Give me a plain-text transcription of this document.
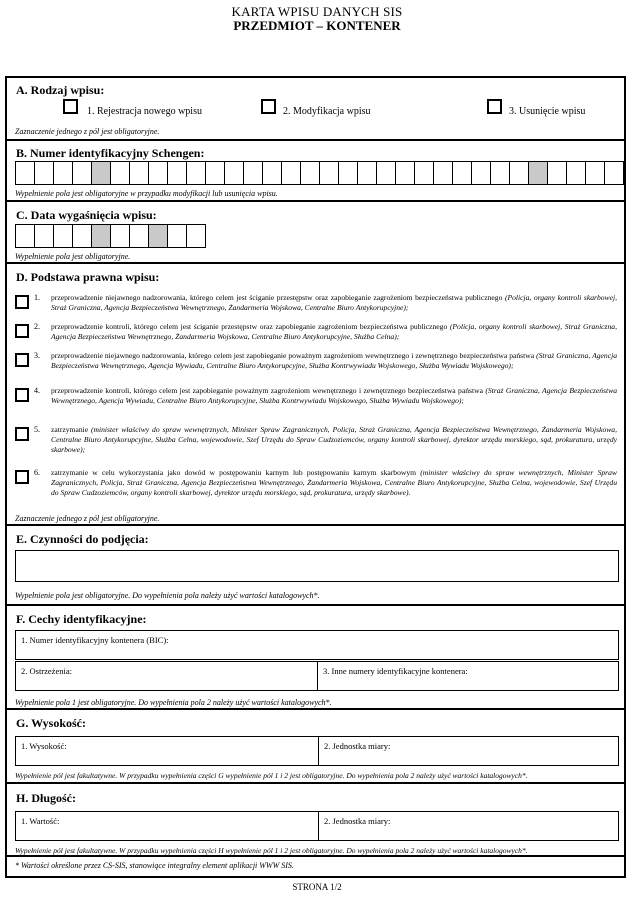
KARTA WPISU DANYCH SIS
PRZEDMIOT – KONTENER
A. Rodzaj wpisu:
1. Rejestracja nowego wpisu	2. Modyfikacja wpisu	3. Usunięcie wpisu
Zaznaczenie jednego z pól jest obligatoryjne.
B. Numer identyfikacyjny Schengen:
Wypełnienie pola jest obligatoryjne w przypadku modyfikacji lub usunięcia wpisu.
C. Data wygaśnięcia wpisu:
Wypełnienie pola jest obligatoryjne.
D. Podstawa prawna wpisu:
1. przeprowadzenie niejawnego nadzorowania, którego celem jest ściganie przestępstw oraz zapobieganie zagrożeniom bezpieczeństwa publicznego (Policja, organy kontroli skarbowej, Straż Graniczna, Agencja Bezpieczeństwa Wewnętrznego, Żandarmeria Wojskowa, Centralne Biuro Antykorupcyjne);
2. przeprowadzenie kontroli, którego celem jest ściganie przestępstw oraz zapobieganie zagrożeniom bezpieczeństwa publicznego (Policja, organy kontroli skarbowej, Straż Graniczna, Agencja Bezpieczeństwa Wewnętrznego, Żandarmeria Wojskowa, Centralne Biuro Antykorupcyjne, Służba Celna);
3. przeprowadzenie niejawnego nadzorowania, którego celem jest zapobieganie poważnym zagrożeniom wewnętrznego i zewnętrznego bezpieczeństwa państwa (Straż Graniczna, Agencja Bezpieczeństwa Wewnętrznego, Agencja Wywiadu, Centralne Biuro Antykorupcyjne, Służba Kontrwywiadu Wojskowego, Służba Wywiadu Wojskowego);
4. przeprowadzenie kontroli, którego celem jest zapobieganie poważnym zagrożeniom wewnętrznego i zewnętrznego bezpieczeństwa państwa (Straż Graniczna, Agencja Bezpieczeństwa Wewnętrznego, Agencja Wywiadu, Centralne Biuro Antykorupcyjne, Służba Kontrwywiadu Wojskowego, Służba Wywiadu Wojskowego);
5. zatrzymanie (minister właściwy do spraw wewnętrznych, Minister Spraw Zagranicznych, Policja, Straż Graniczna, Agencja Bezpieczeństwa Wewnętrznego, Żandarmeria Wojskowa, Centralne Biuro Antykorupcyjne, Służba Celna, wojewodowie, Szef Urzędu do Spraw Cudzoziemców, organy kontroli skarbowej, dyrektor urzędu morskiego, sąd, prokuratura, urzędy skarbowe);
6. zatrzymanie w celu wykorzystania jako dowód w postępowaniu karnym lub postępowaniu karnym skarbowym (minister właściwy do spraw wewnętrznych, Minister Spraw Zagranicznych, Policja, Straż Graniczna, Agencja Bezpieczeństwa Wewnętrznego, Żandarmeria Wojskowa, Centralne Biuro Antykorupcyjne, Służba Celna, wojewodowie, Szef Urzędu do Spraw Cudzoziemców, organy kontroli skarbowej, dyrektor urzędu morskiego, sąd, prokuratura, urzędy skarbowe).
Zaznaczenie jednego z pól jest obligatoryjne.
E. Czynności do podjęcia:
Wypełnienie pola jest obligatoryjne. Do wypełnienia pola należy użyć wartości katalogowych*.
F. Cechy identyfikacyjne:
1. Numer identyfikacyjny kontenera (BIC):
2. Ostrzeżenia:	3. Inne numery identyfikacyjne kontenera:
Wypełnienie pola 1 jest obligatoryjne. Do wypełnienia pola 2 należy użyć wartości katalogowych*.
G. Wysokość:
1. Wysokość:	2. Jednostka miary:
Wypełnienie pól jest fakultatywne. W przypadku wypełnienia części G wypełnienie pól 1 i 2 jest obligatoryjne. Do wypełnienia pola 2 należy użyć wartości katalogowych*.
H. Długość:
1. Wartość:	2. Jednostka miary:
Wypełnienie pól jest fakultatywne. W przypadku wypełnienia części H wypełnienie pól 1 i 2 jest obligatoryjne. Do wypełnienia pola 2 należy użyć wartości katalogowych*.
* Wartości określone przez CS-SIS, stanowiące integralny element aplikacji WWW SIS.
STRONA 1/2
